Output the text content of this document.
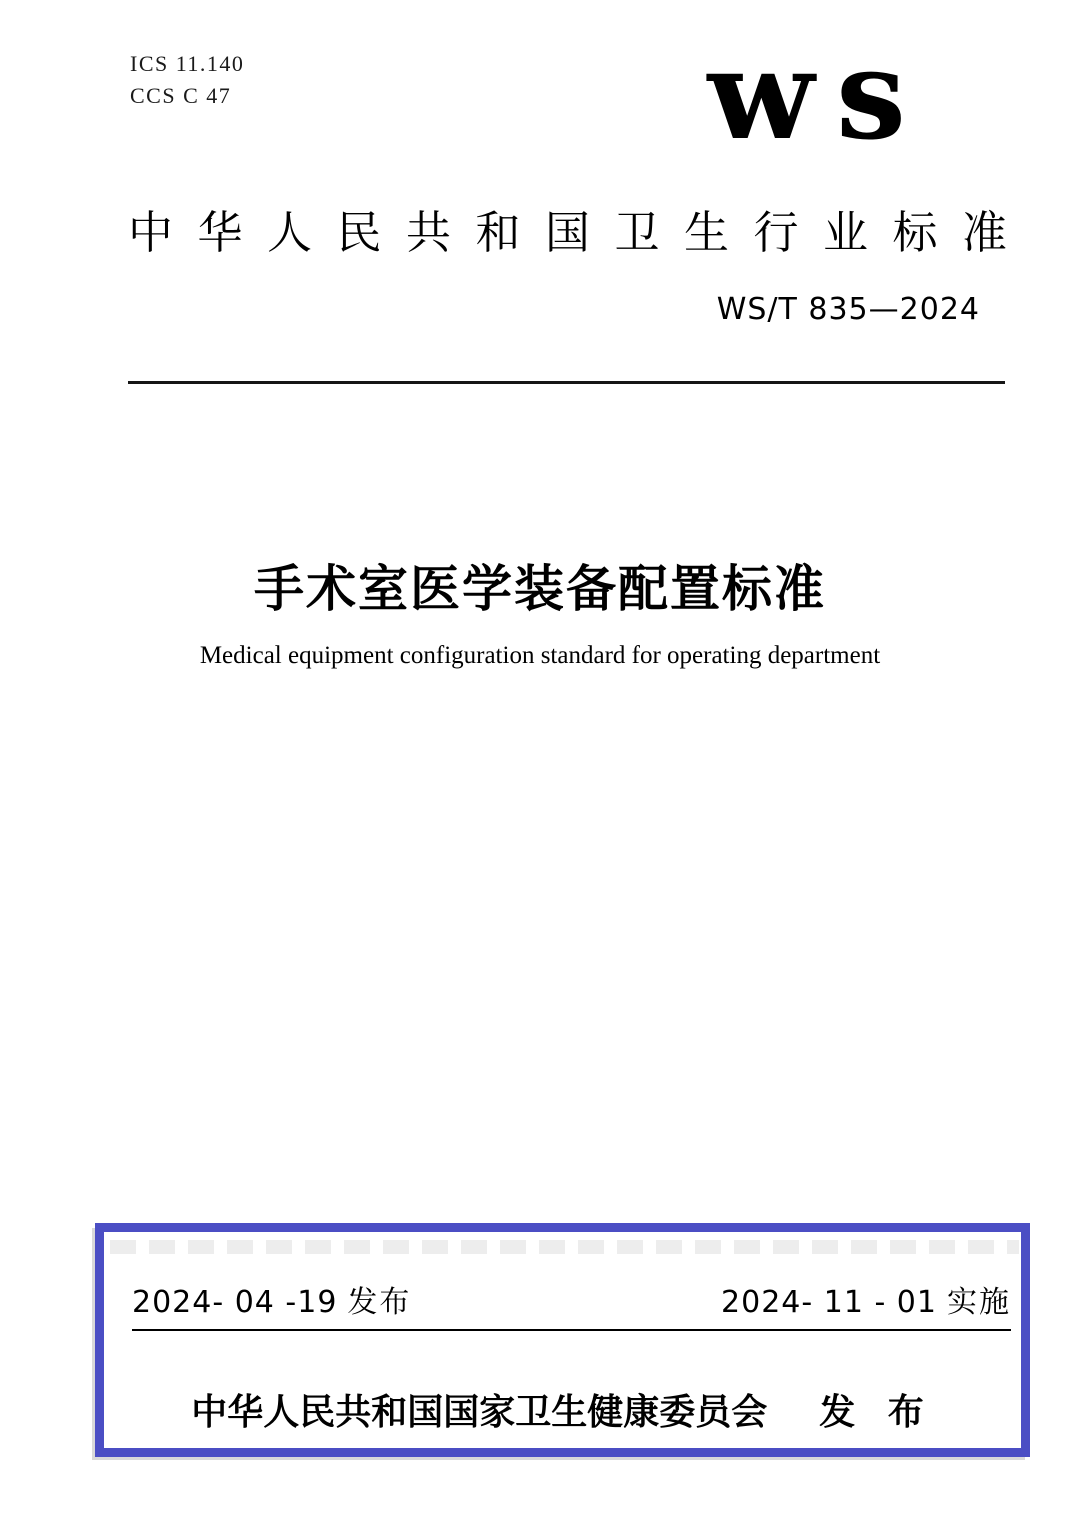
ICS 11.140
CCS C 47	ws
中华人民共和国卫生行业标准
WS/T 835—2024
手术室医学装备配置标准
Medical equipment configuration standard for operating department
2024- 04 -19 发布	2024- 11 - 01 实施
中华人民共和国国家卫生健康委员会 发 布
